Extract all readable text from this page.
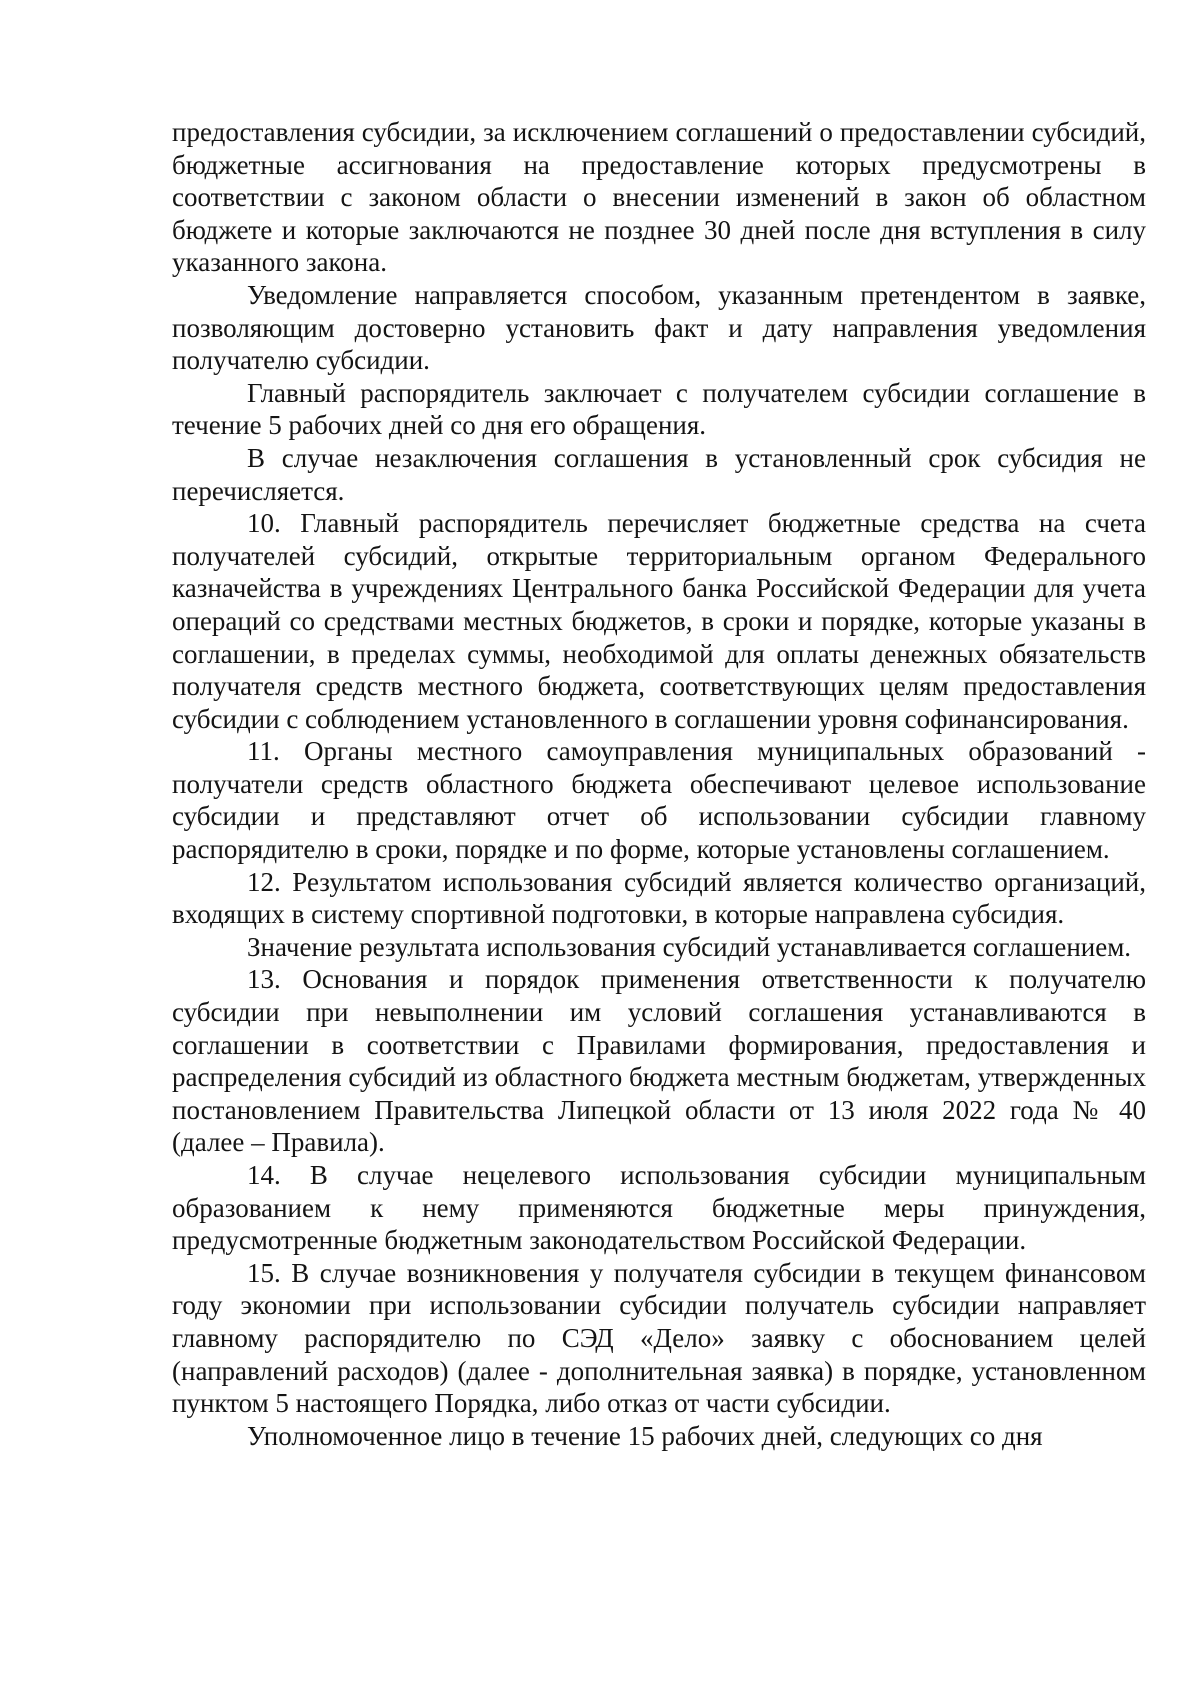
предоставления субсидии, за исключением соглашений о предоставлении субсидий, бюджетные ассигнования на предоставление которых предусмотрены в соответствии с законом области о внесении изменений в закон об областном бюджете и которые заключаются не позднее 30 дней после дня вступления в силу указанного закона.

Уведомление направляется способом, указанным претендентом в заявке, позволяющим достоверно установить факт и дату направления уведомления получателю субсидии.

Главный распорядитель заключает с получателем субсидии соглашение в течение 5 рабочих дней со дня его обращения.

В случае незаключения соглашения в установленный срок субсидия не перечисляется.

10. Главный распорядитель перечисляет бюджетные средства на счета получателей субсидий, открытые территориальным органом Федерального казначейства в учреждениях Центрального банка Российской Федерации для учета операций со средствами местных бюджетов, в сроки и порядке, которые указаны в соглашении, в пределах суммы, необходимой для оплаты денежных обязательств получателя средств местного бюджета, соответствующих целям предоставления субсидии с соблюдением установленного в соглашении уровня софинансирования.

11. Органы местного самоуправления муниципальных образований - получатели средств областного бюджета обеспечивают целевое использование субсидии и представляют отчет об использовании субсидии главному распорядителю в сроки, порядке и по форме, которые установлены соглашением.

12. Результатом использования субсидий является количество организаций, входящих в систему спортивной подготовки, в которые направлена субсидия.

Значение результата использования субсидий устанавливается соглашением.

13. Основания и порядок применения ответственности к получателю субсидии при невыполнении им условий соглашения устанавливаются в соглашении в соответствии с Правилами формирования, предоставления и распределения субсидий из областного бюджета местным бюджетам, утвержденных постановлением Правительства Липецкой области от 13 июля 2022 года № 40 (далее – Правила).

14. В случае нецелевого использования субсидии муниципальным образованием к нему применяются бюджетные меры принуждения, предусмотренные бюджетным законодательством Российской Федерации.

15. В случае возникновения у получателя субсидии в текущем финансовом году экономии при использовании субсидии получатель субсидии направляет главному распорядителю по СЭД «Дело» заявку с обоснованием целей (направлений расходов) (далее - дополнительная заявка) в порядке, установленном пунктом 5 настоящего Порядка, либо отказ от части субсидии.

Уполномоченное лицо в течение 15 рабочих дней, следующих со дня
